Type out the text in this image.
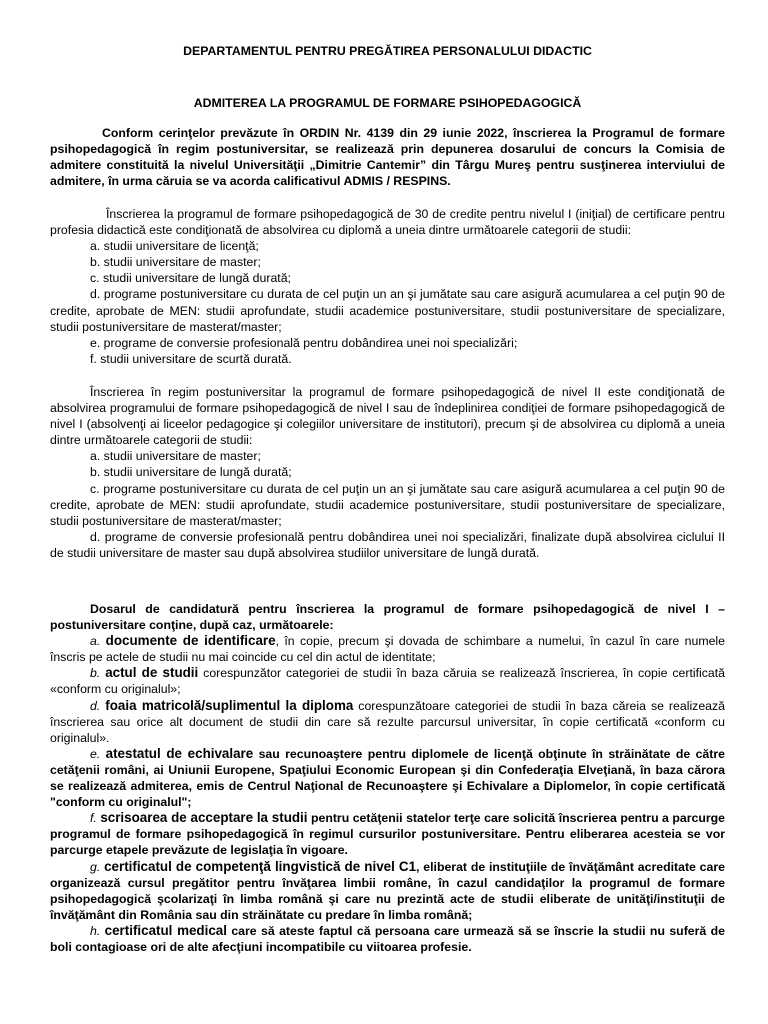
DEPARTAMENTUL PENTRU PREGĂTIREA PERSONALULUI DIDACTIC
ADMITEREA LA PROGRAMUL DE FORMARE PSIHOPEDAGOGICĂ

Conform cerinţelor prevăzute în ORDIN Nr. 4139 din 29 iunie 2022, înscrierea la Programul de formare psihopedagogică în regim postuniversitar, se realizează prin depunerea dosarului de concurs la Comisia de admitere constituită la nivelul Universităţii „Dimitrie Cantemir” din Târgu Mureş pentru susţinerea interviului de admitere, în urma căruia se va acorda calificativul ADMIS / RESPINS.

Înscrierea la programul de formare psihopedagogică de 30 de credite pentru nivelul I (iniţial) de certificare pentru profesia didactică este condiţionată de absolvirea cu diplomă a uneia dintre următoarele categorii de studii:

a. studii universitare de licenţă;

b. studii universitare de master;

c. studii universitare de lungă durată;

d. programe postuniversitare cu durata de cel puţin un an şi jumătate sau care asigură acumularea a cel puţin 90 de credite, aprobate de MEN: studii aprofundate, studii academice postuniversitare, studii postuniversitare de specializare, studii postuniversitare de masterat/master;

e. programe de conversie profesională pentru dobândirea unei noi specializări;

f. studii universitare de scurtă durată.

Înscrierea în regim postuniversitar la programul de formare psihopedagogică de nivel II este condiţionată de absolvirea programului de formare psihopedagogică de nivel I sau de îndeplinirea condiţiei de formare psihopedagogică de nivel I (absolvenţi ai liceelor pedagogice şi colegiilor universitare de institutori), precum şi de absolvirea cu diplomă a uneia dintre următoarele categorii de studii:

a. studii universitare de master;

b. studii universitare de lungă durată;

c. programe postuniversitare cu durata de cel puţin un an şi jumătate sau care asigură acumularea a cel puţin 90 de credite, aprobate de MEN: studii aprofundate, studii academice postuniversitare, studii postuniversitare de specializare, studii postuniversitare de masterat/master;

d. programe de conversie profesională pentru dobândirea unei noi specializări, finalizate după absolvirea ciclului II de studii universitare de master sau după absolvirea studiilor universitare de lungă durată.

Dosarul de candidatură pentru înscrierea la programul de formare psihopedagogică de nivel I – postuniversitare conţine, după caz, următoarele:

a. documente de identificare, în copie, precum şi dovada de schimbare a numelui, în cazul în care numele înscris pe actele de studii nu mai coincide cu cel din actul de identitate;

b. actul de studii corespunzător categoriei de studii în baza căruia se realizează înscrierea, în copie certificată «conform cu originalul»;

d. foaia matricolă/suplimentul la diploma corespunzătoare categoriei de studii în baza căreia se realizează înscrierea sau orice alt document de studii din care să rezulte parcursul universitar, în copie certificată «conform cu originalul».

e. atestatul de echivalare sau recunoaştere pentru diplomele de licenţă obţinute în străinătate de către cetăţenii români, ai Uniunii Europene, Spaţiului Economic European şi din Confederaţia Elveţiană, în baza cărora se realizează admiterea, emis de Centrul Naţional de Recunoaştere şi Echivalare a Diplomelor, în copie certificată "conform cu originalul";

f. scrisoarea de acceptare la studii pentru cetăţenii statelor terţe care solicită înscrierea pentru a parcurge programul de formare psihopedagogică în regimul cursurilor postuniversitare. Pentru eliberarea acesteia se vor parcurge etapele prevăzute de legislaţia în vigoare.

g. certificatul de competenţă lingvistică de nivel C1, eliberat de instituţiile de învăţământ acreditate care organizează cursul pregătitor pentru învăţarea limbii române, în cazul candidaţilor la programul de formare psihopedagogică şcolarizaţi în limba română şi care nu prezintă acte de studii eliberate de unităţi/instituţii de învăţământ din România sau din străinătate cu predare în limba română;

h. certificatul medical care să ateste faptul că persoana care urmează să se înscrie la studii nu suferă de boli contagioase ori de alte afecţiuni incompatibile cu viitoarea profesie.
